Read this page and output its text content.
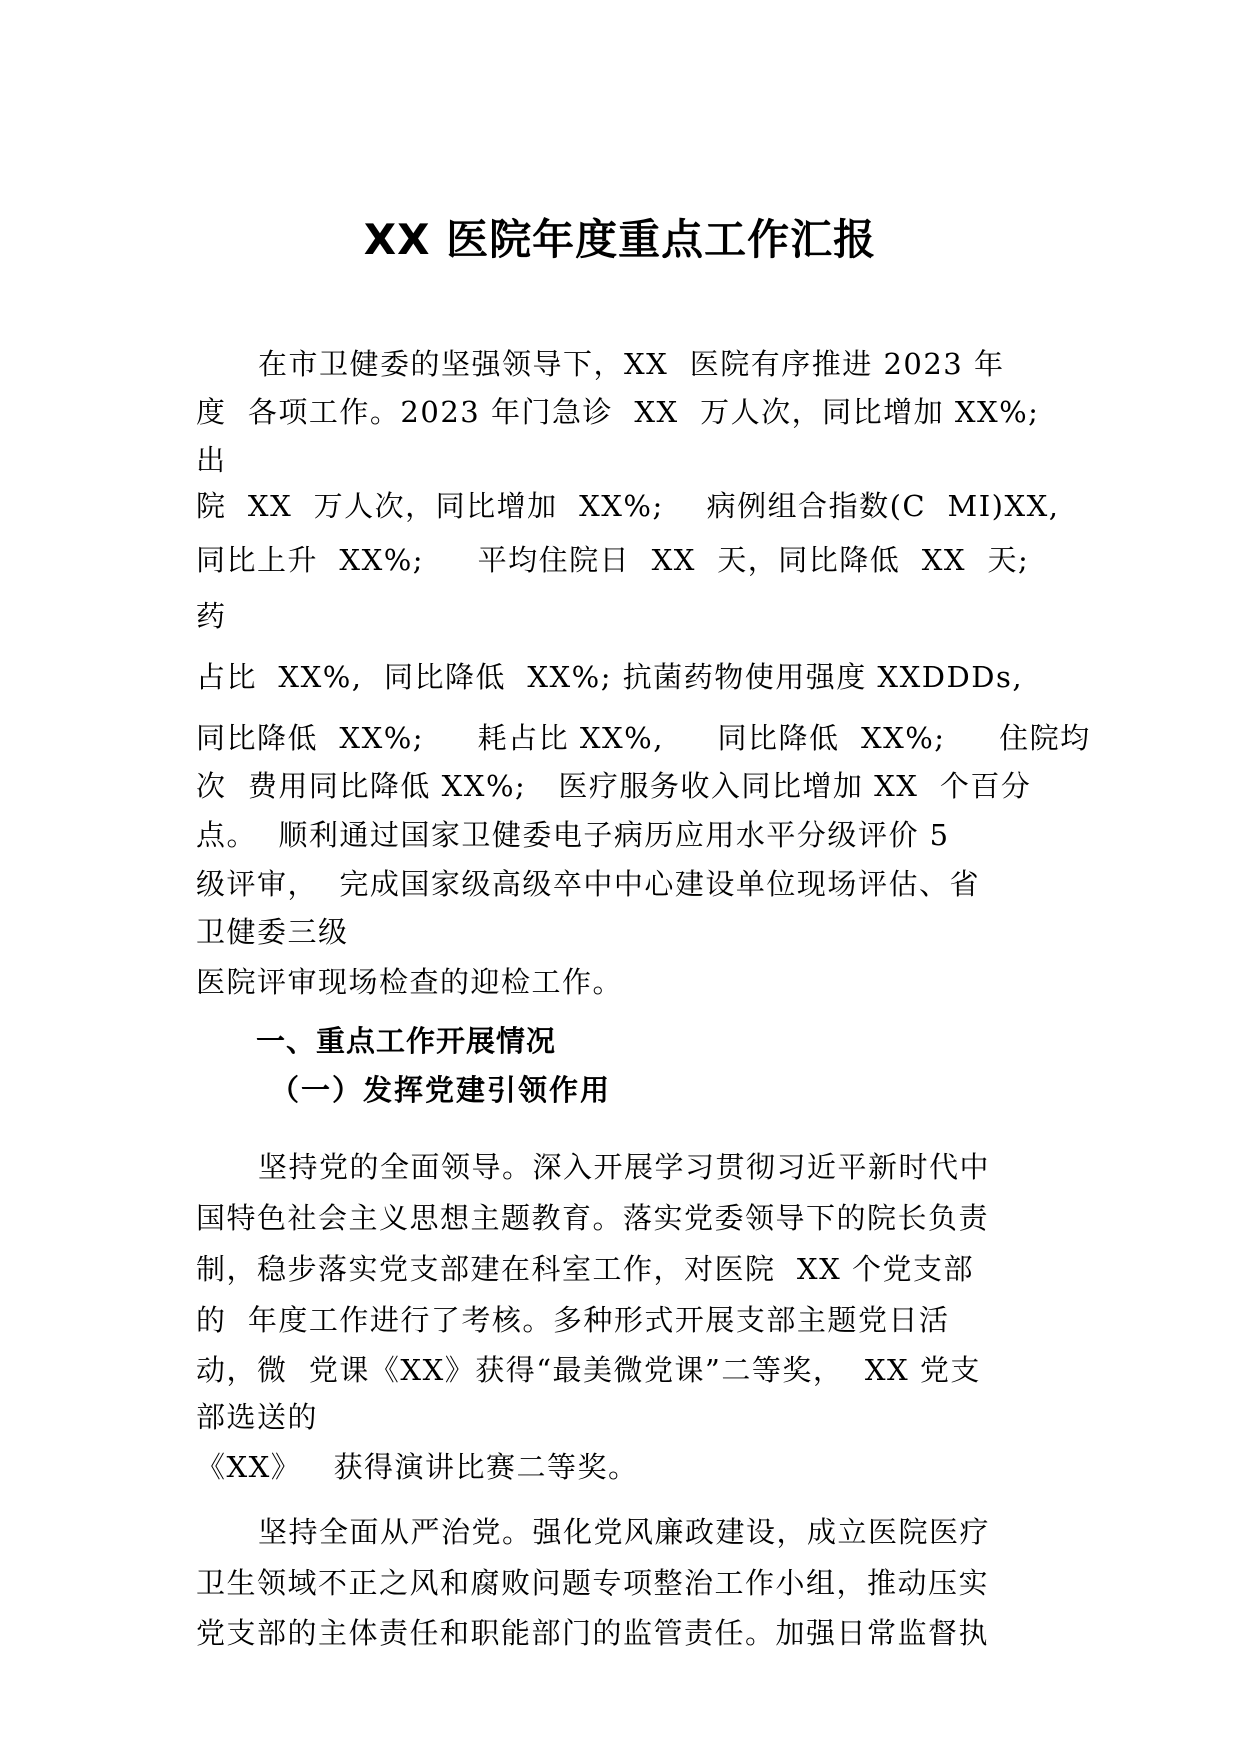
XX 医院年度重点工作汇报
在市卫健委的坚强领导下，XX  医院有序推进 2023 年
度  各项工作。2023 年门急诊  XX  万人次，同比增加 XX%;
出
院  XX  万人次，同比增加  XX%;    病例组合指数(C  MI)XX,
同比上升  XX%;     平均住院日  XX  天，同比降低  XX  天;
药
占比  XX%,  同比降低  XX%; 抗菌药物使用强度 XXDDDs,
同比降低  XX%;     耗占比 XX%,     同比降低  XX%;     住院均
次  费用同比降低 XX%;   医疗服务收入同比增加 XX  个百分
点。  顺利通过国家卫健委电子病历应用水平分级评价 5
级评审，  完成国家级高级卒中中心建设单位现场评估、省
卫健委三级
医院评审现场检查的迎检工作。
一、重点工作开展情况
（一）发挥党建引领作用
坚持党的全面领导。深入开展学习贯彻习近平新时代中
国特色社会主义思想主题教育。落实党委领导下的院长负责
制，稳步落实党支部建在科室工作，对医院  XX 个党支部
的  年度工作进行了考核。多种形式开展支部主题党日活
动，微  党课《XX》获得“最美微党课”二等奖，  XX 党支
部选送的
《XX》   获得演讲比赛二等奖。
坚持全面从严治党。强化党风廉政建设，成立医院医疗
卫生领域不正之风和腐败问题专项整治工作小组，推动压实
党支部的主体责任和职能部门的监管责任。加强日常监督执
